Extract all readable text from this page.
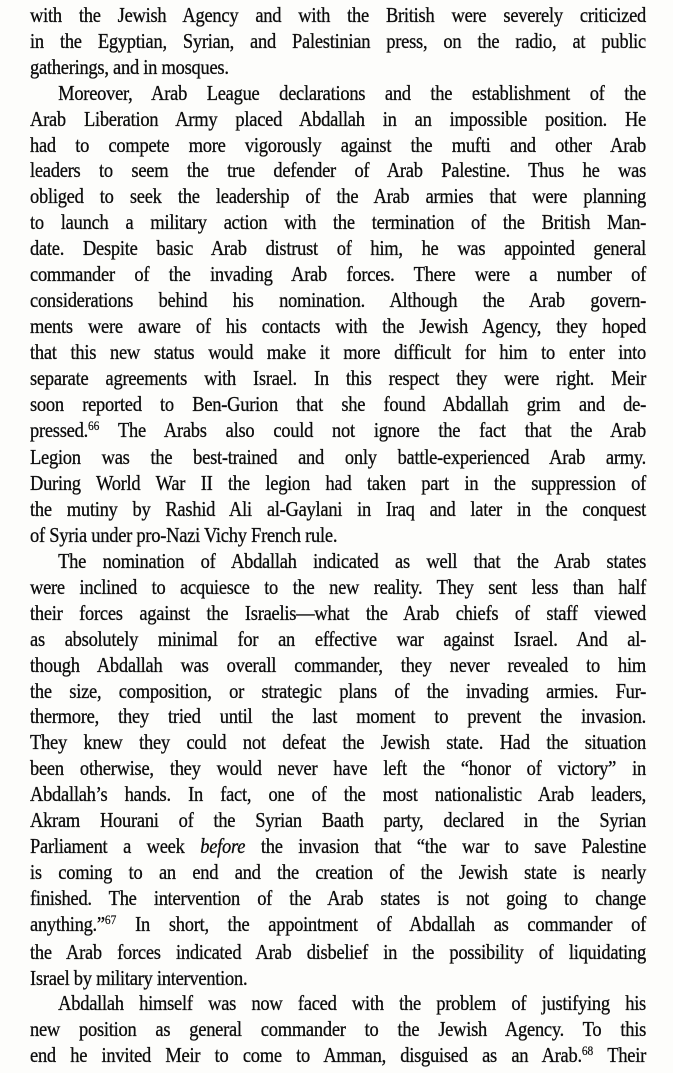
with the Jewish Agency and with the British were severely criticized
in the Egyptian, Syrian, and Palestinian press, on the radio, at public
gatherings, and in mosques.
Moreover, Arab League declarations and the establishment of the
Arab Liberation Army placed Abdallah in an impossible position. He
had to compete more vigorously against the mufti and other Arab
leaders to seem the true defender of Arab Palestine. Thus he was
obliged to seek the leadership of the Arab armies that were planning
to launch a military action with the termination of the British Man-
date. Despite basic Arab distrust of him, he was appointed general
commander of the invading Arab forces. There were a number of
considerations behind his nomination. Although the Arab govern-
ments were aware of his contacts with the Jewish Agency, they hoped
that this new status would make it more difficult for him to enter into
separate agreements with Israel. In this respect they were right. Meir
soon reported to Ben-Gurion that she found Abdallah grim and de-
pressed.$^{66}$ The Arabs also could not ignore the fact that the Arab
Legion was the best-trained and only battle-experienced Arab army.
During World War II the legion had taken part in the suppression of
the mutiny by Rashid Ali al-Gaylani in Iraq and later in the conquest
of Syria under pro-Nazi Vichy French rule.
The nomination of Abdallah indicated as well that the Arab states
were inclined to acquiesce to the new reality. They sent less than half
their forces against the Israelis—what the Arab chiefs of staff viewed
as absolutely minimal for an effective war against Israel. And al-
though Abdallah was overall commander, they never revealed to him
the size, composition, or strategic plans of the invading armies. Fur-
thermore, they tried until the last moment to prevent the invasion.
They knew they could not defeat the Jewish state. Had the situation
been otherwise, they would never have left the “honor of victory” in
Abdallah’s hands. In fact, one of the most nationalistic Arab leaders,
Akram Hourani of the Syrian Baath party, declared in the Syrian
Parliament a week before the invasion that “the war to save Palestine
is coming to an end and the creation of the Jewish state is nearly
finished. The intervention of the Arab states is not going to change
anything.”$^{67}$ In short, the appointment of Abdallah as commander of
the Arab forces indicated Arab disbelief in the possibility of liquidating
Israel by military intervention.
Abdallah himself was now faced with the problem of justifying his
new position as general commander to the Jewish Agency. To this
end he invited Meir to come to Amman, disguised as an Arab.$^{68}$ Their
